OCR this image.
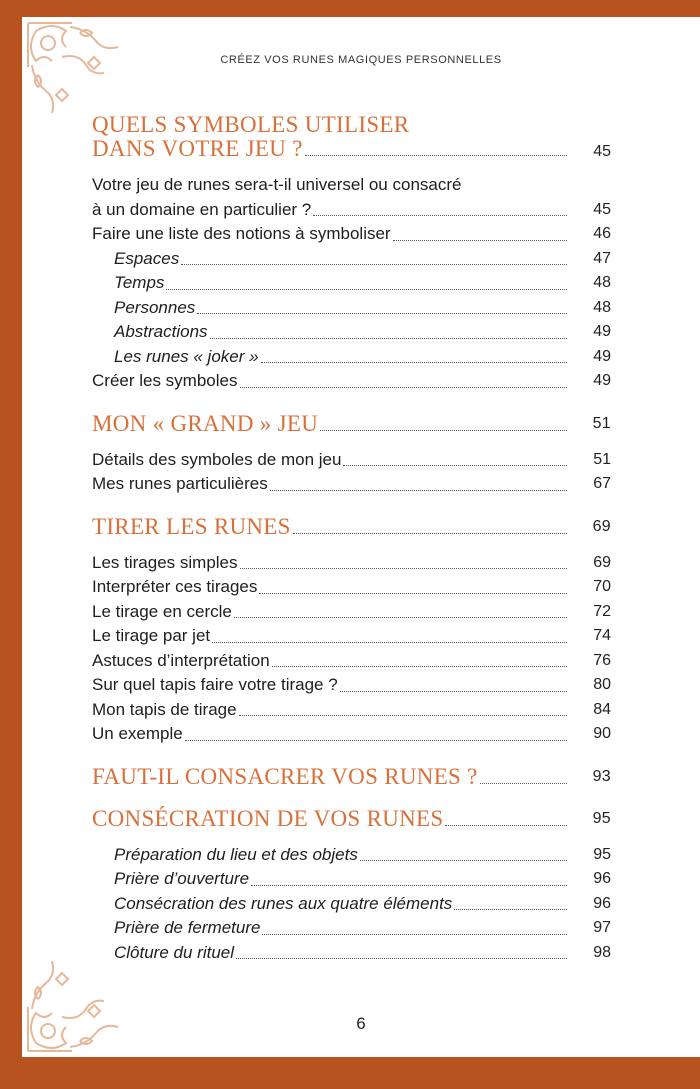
CRÉEZ VOS RUNES MAGIQUES PERSONNELLES
QUELS SYMBOLES UTILISER
DANS VOTRE JEU ?	45
Votre jeu de runes sera-t-il universel ou consacré
à un domaine en particulier ?	45
Faire une liste des notions à symboliser	46
Espaces	47
Temps	48
Personnes	48
Abstractions	49
Les runes « joker »	49
Créer les symboles	49
MON « GRAND » JEU	51
Détails des symboles de mon jeu	51
Mes runes particulières	67
TIRER LES RUNES	69
Les tirages simples	69
Interpréter ces tirages	70
Le tirage en cercle	72
Le tirage par jet	74
Astuces d’interprétation	76
Sur quel tapis faire votre tirage ?	80
Mon tapis de tirage	84
Un exemple	90
FAUT-IL CONSACRER VOS RUNES ?	93
CONSÉCRATION DE VOS RUNES	95
Préparation du lieu et des objets	95
Prière d’ouverture	96
Consécration des runes aux quatre éléments	96
Prière de fermeture	97
Clôture du rituel	98
6
